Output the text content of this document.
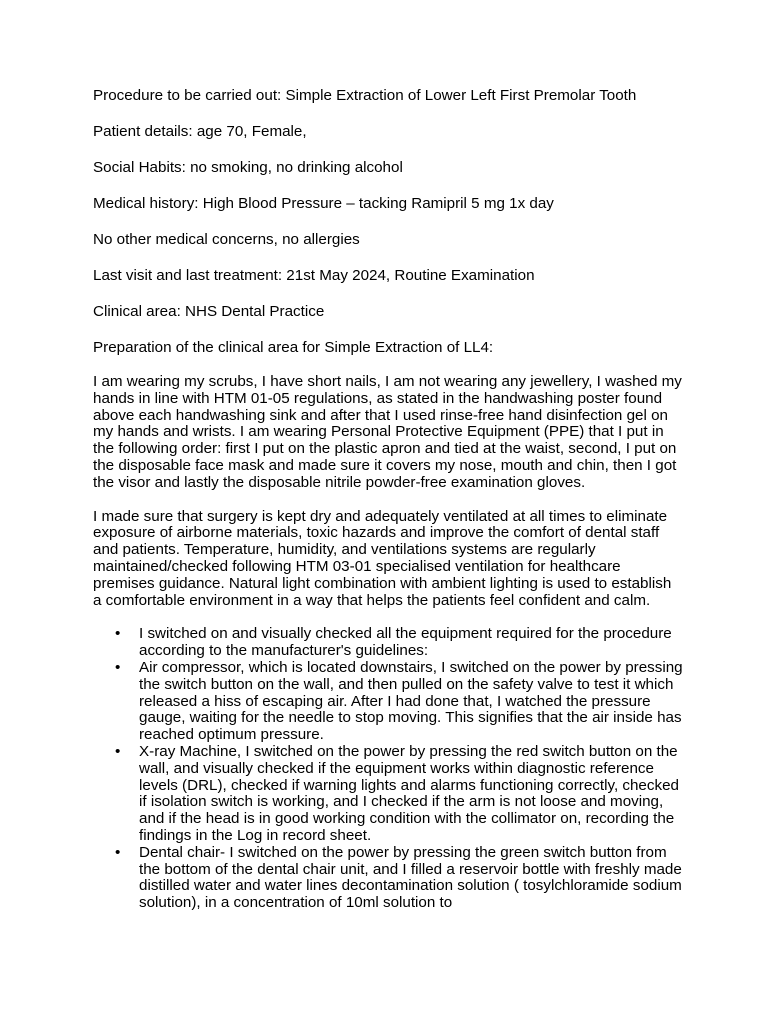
Procedure to be carried out: Simple Extraction of Lower Left First Premolar Tooth

Patient details: age 70, Female,

Social Habits: no smoking, no drinking alcohol

Medical history: High Blood Pressure – tacking Ramipril 5 mg 1x day

No other medical concerns, no allergies

Last visit and last treatment: 21st May 2024, Routine Examination

Clinical area: NHS Dental Practice

Preparation of the clinical area for Simple Extraction of LL4:

I am wearing my scrubs, I have short nails, I am not wearing any jewellery, I washed my hands in line with HTM 01-05 regulations, as stated in the handwashing poster found above each handwashing sink and after that I used rinse-free hand disinfection gel on my hands and wrists. I am wearing Personal Protective Equipment (PPE) that I put in the following order: first I put on the plastic apron and tied at the waist, second, I put on the disposable face mask and made sure it covers my nose, mouth and chin, then I got the visor and lastly the disposable nitrile powder-free examination gloves.

I made sure that surgery is kept dry and adequately ventilated at all times to eliminate exposure of airborne materials, toxic hazards and improve the comfort of dental staff and patients. Temperature, humidity, and ventilations systems are regularly maintained/checked following HTM 03-01 specialised ventilation for healthcare premises guidance. Natural light combination with ambient lighting is used to establish a comfortable environment in a way that helps the patients feel confident and calm.

• I switched on and visually checked all the equipment required for the procedure according to the manufacturer's guidelines:
• Air compressor, which is located downstairs, I switched on the power by pressing the switch button on the wall, and then pulled on the safety valve to test it which released a hiss of escaping air. After I had done that, I watched the pressure gauge, waiting for the needle to stop moving. This signifies that the air inside has reached optimum pressure.
• X-ray Machine, I switched on the power by pressing the red switch button on the wall, and visually checked if the equipment works within diagnostic reference levels (DRL), checked if warning lights and alarms functioning correctly, checked if isolation switch is working, and I checked if the arm is not loose and moving, and if the head is in good working condition with the collimator on, recording the findings in the Log in record sheet.
• Dental chair- I switched on the power by pressing the green switch button from the bottom of the dental chair unit, and I filled a reservoir bottle with freshly made distilled water and water lines decontamination solution ( tosylchloramide sodium solution), in a concentration of 10ml solution to
